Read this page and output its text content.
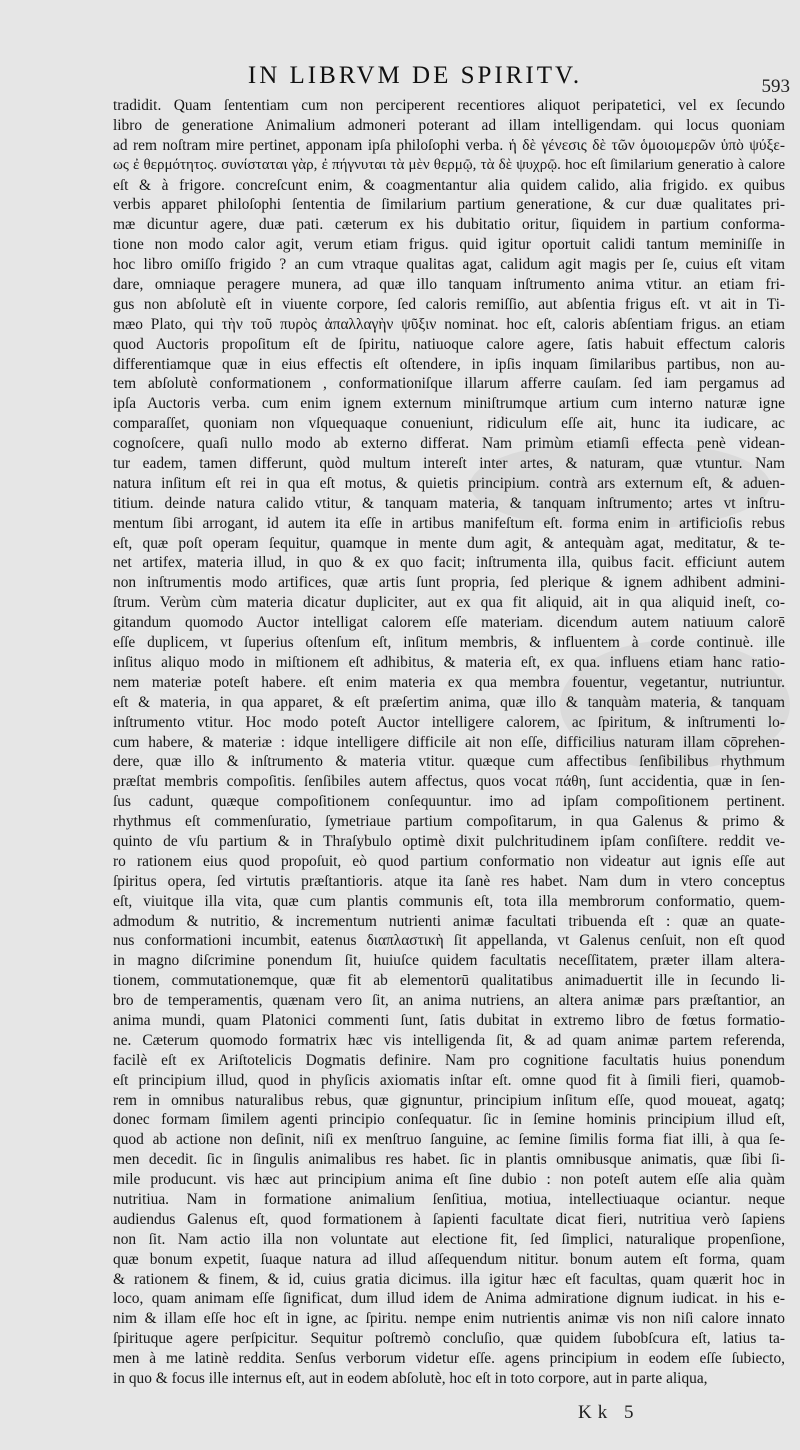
IN LIBRVM DE SPIRITV.	593
tradidit. Quam ſententiam cum non perciperent recentiores aliquot peripatetici, vel ex ſecundo
libro de generatione Animalium admoneri poterant ad illam intelligendam. qui locus quoniam
ad rem noſtram mire pertinet, apponam ipſa philoſophi verba. ἡ δὲ γένεσις δὲ τῶν ὁμοιομερῶν ὑπὸ ψύξε-
ως ἐ θερμότητος. συνίσταται γὰρ, ἐ πήγνυται τὰ μὲν θερμῷ, τὰ δὲ ψυχρῷ. hoc eſt ſimilarium generatio à calore
eſt & à frigore. concreſcunt enim, & coagmentantur alia quidem calido, alia frigido. ex quibus
verbis apparet philoſophi ſententia de ſimilarium partium generatione, & cur duæ qualitates pri-
mæ dicuntur agere, duæ pati. cæterum ex his dubitatio oritur, ſiquidem in partium conforma-
tione non modo calor agit, verum etiam frigus. quid igitur oportuit calidi tantum meminiſſe in
hoc libro omiſſo frigido ? an cum vtraque qualitas agat, calidum agit magis per ſe, cuius eſt vitam
dare, omniaque peragere munera, ad quæ illo tanquam inſtrumento anima vtitur. an etiam fri-
gus non abſolutè eſt in viuente corpore, ſed caloris remiſſio, aut abſentia frigus eſt. vt ait in Ti-
mæo Plato, qui τὴν τοῦ πυρὸς ἀπαλλαγὴν ψῦξιν nominat. hoc eſt, caloris abſentiam frigus. an etiam
quod Auctoris propoſitum eſt de ſpiritu, natiuoque calore agere, ſatis habuit effectum caloris
differentiamque quæ in eius effectis eſt oſtendere, in ipſis inquam ſimilaribus partibus, non au-
tem abſolutè conformationem , conformationiſque illarum afferre cauſam. ſed iam pergamus ad
ipſa Auctoris verba. cum enim ignem externum miniſtrumque artium cum interno naturæ igne
comparaſſet, quoniam non vſquequaque conueniunt, ridiculum eſſe ait, hunc ita iudicare, ac
cognoſcere, quaſi nullo modo ab externo differat. Nam primùm etiamſi effecta penè videan-
tur eadem, tamen differunt, quòd multum intereſt inter artes, & naturam, quæ vtuntur. Nam
natura inſitum eſt rei in qua eſt motus, & quietis principium. contrà ars externum eſt, & aduen-
titium. deinde natura calido vtitur, & tanquam materia, & tanquam inſtrumento; artes vt inſtru-
mentum ſibi arrogant, id autem ita eſſe in artibus manifeſtum eſt. forma enim in artificioſis rebus
eſt, quæ poſt operam ſequitur, quamque in mente dum agit, & antequàm agat, meditatur, & te-
net artifex, materia illud, in quo & ex quo facit; inſtrumenta illa, quibus facit. efficiunt autem
non inſtrumentis modo artifices, quæ artis ſunt propria, ſed plerique & ignem adhibent admini-
ſtrum. Verùm cùm materia dicatur dupliciter, aut ex qua fit aliquid, ait in qua aliquid ineſt, co-
gitandum quomodo Auctor intelligat calorem eſſe materiam. dicendum autem natiuum calorē
eſſe duplicem, vt ſuperius oſtenſum eſt, inſitum membris, & influentem à corde continuè. ille
inſitus aliquo modo in miſtionem eſt adhibitus, & materia eſt, ex qua. influens etiam hanc ratio-
nem materiæ poteſt habere. eſt enim materia ex qua membra fouentur, vegetantur, nutriuntur.
eſt & materia, in qua apparet, & eſt præſertim anima, quæ illo & tanquàm materia, & tanquam
inſtrumento vtitur. Hoc modo poteſt Auctor intelligere calorem, ac ſpiritum, & inſtrumenti lo-
cum habere, & materiæ : idque intelligere difficile ait non eſſe, difficilius naturam illam cōprehen-
dere, quæ illo & inſtrumento & materia vtitur. quæque cum affectibus ſenſibilibus rhythmum
præſtat membris compoſitis. ſenſibiles autem affectus, quos vocat πάθη, ſunt accidentia, quæ in ſen-
ſus cadunt, quæque compoſitionem conſequuntur. imo ad ipſam compoſitionem pertinent.
rhythmus eſt commenſuratio, ſymetriaue partium compoſitarum, in qua Galenus & primo &
quinto de vſu partium & in Thraſybulo optimè dixit pulchritudinem ipſam conſiſtere. reddit ve-
ro rationem eius quod propoſuit, eò quod partium conformatio non videatur aut ignis eſſe aut
ſpiritus opera, ſed virtutis præſtantioris. atque ita ſanè res habet. Nam dum in vtero conceptus
eſt, viuitque illa vita, quæ cum plantis communis eſt, tota illa membrorum conformatio, quem-
admodum & nutritio, & incrementum nutrienti animæ facultati tribuenda eſt : quæ an quate-
nus conformationi incumbit, eatenus διαπλαστικὴ ſit appellanda, vt Galenus cenſuit, non eſt quod
in magno diſcrimine ponendum ſit, huiuſce quidem facultatis neceſſitatem, præter illam altera-
tionem, commutationemque, quæ fit ab elementorū qualitatibus animaduertit ille in ſecundo li-
bro de temperamentis, quænam vero ſit, an anima nutriens, an altera animæ pars præſtantior, an
anima mundi, quam Platonici commenti ſunt, ſatis dubitat in extremo libro de fœtus formatio-
ne. Cæterum quomodo formatrix hæc vis intelligenda ſit, & ad quam animæ partem referenda,
facilè eſt ex Ariſtotelicis Dogmatis definire. Nam pro cognitione facultatis huius ponendum
eſt principium illud, quod in phyſicis axiomatis inſtar eſt. omne quod fit à ſimili fieri, quamob-
rem in omnibus naturalibus rebus, quæ gignuntur, principium inſitum eſſe, quod moueat, agatq;
donec formam ſimilem agenti principio conſequatur. ſic in ſemine hominis principium illud eſt,
quod ab actione non deſinit, niſi ex menſtruo ſanguine, ac ſemine ſimilis forma fiat illi, à qua ſe-
men decedit. ſic in ſingulis animalibus res habet. ſic in plantis omnibusque animatis, quæ ſibi ſi-
mile producunt. vis hæc aut principium anima eſt ſine dubio : non poteſt autem eſſe alia quàm
nutritiua. Nam in formatione animalium ſenſitiua, motiua, intellectiuaque ociantur. neque
audiendus Galenus eſt, quod formationem à ſapienti facultate dicat fieri, nutritiua verò ſapiens
non ſit. Nam actio illa non voluntate aut electione fit, ſed ſimplici, naturalique propenſione,
quæ bonum expetit, ſuaque natura ad illud aſſequendum nititur. bonum autem eſt forma, quam
& rationem & finem, & id, cuius gratia dicimus. illa igitur hæc eſt facultas, quam quærit hoc in
loco, quam animam eſſe ſignificat, dum illud idem de Anima admiratione dignum iudicat. in his e-
nim & illam eſſe hoc eſt in igne, ac ſpiritu. nempe enim nutrientis animæ vis non niſi calore innato
ſpirituque agere perſpicitur. Sequitur poſtremò concluſio, quæ quidem ſubobſcura eſt, latius ta-
men à me latinè reddita. Senſus verborum videtur eſſe. agens principium in eodem eſſe ſubiecto,
in quo & focus ille internus eſt, aut in eodem abſolutè, hoc eſt in toto corpore, aut in parte aliqua,
Kk 5
